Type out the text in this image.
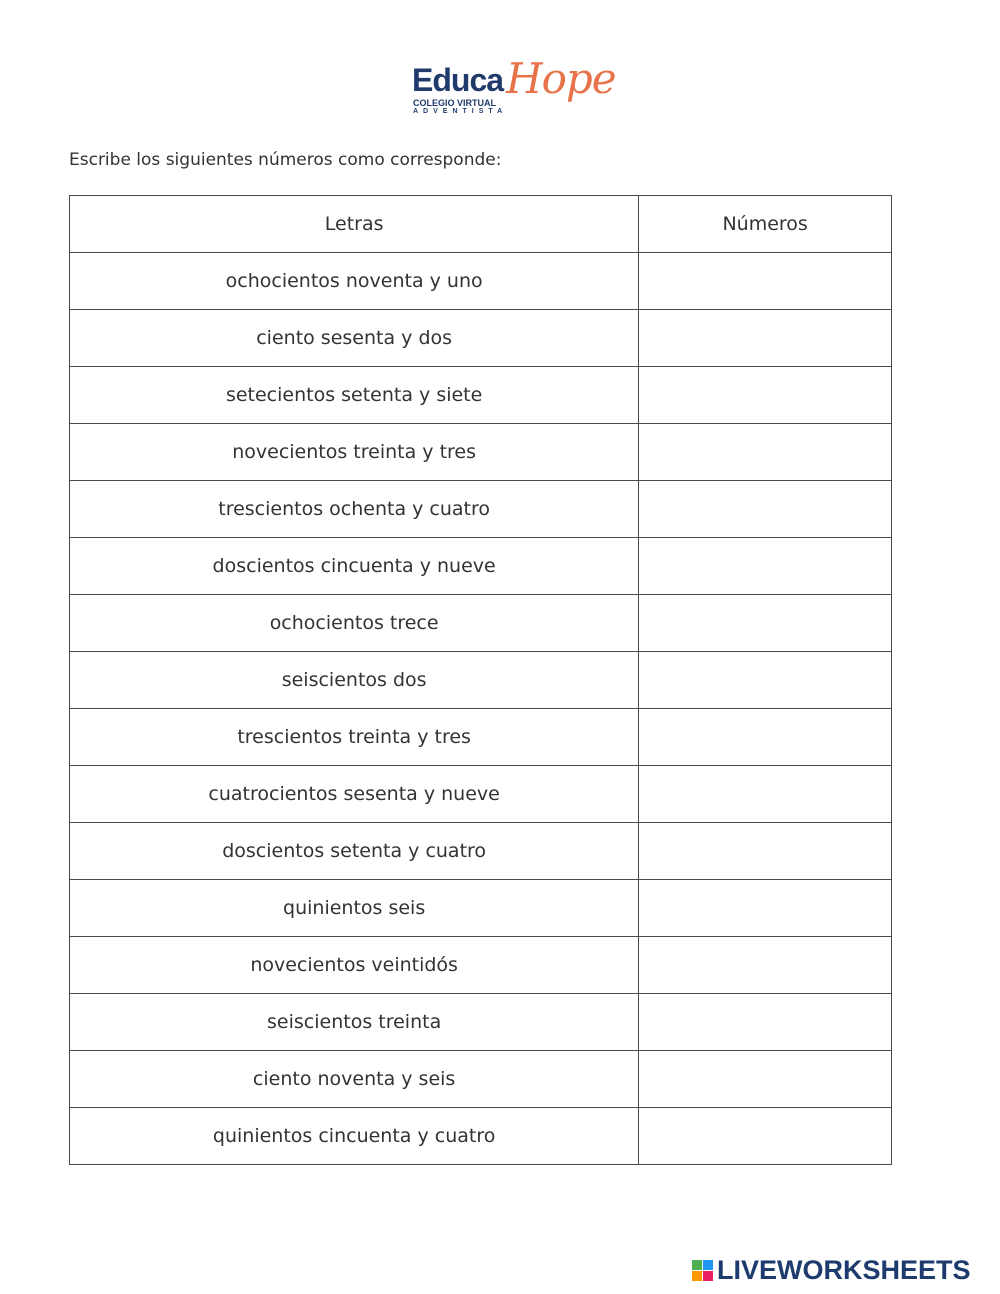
Educa Hope
COLEGIO VIRTUAL
ADVENTISTA
Escribe los siguientes números como corresponde:
Letras	Números
ochocientos noventa y uno	
ciento sesenta y dos	
setecientos setenta y siete	
novecientos treinta y tres	
trescientos ochenta y cuatro	
doscientos cincuenta y nueve	
ochocientos trece	
seiscientos dos	
trescientos treinta y tres	
cuatrocientos sesenta y nueve	
doscientos setenta y cuatro	
quinientos seis	
novecientos veintidós	
seiscientos treinta	
ciento noventa y seis	
quinientos cincuenta y cuatro	
LIVEWORKSHEETS
